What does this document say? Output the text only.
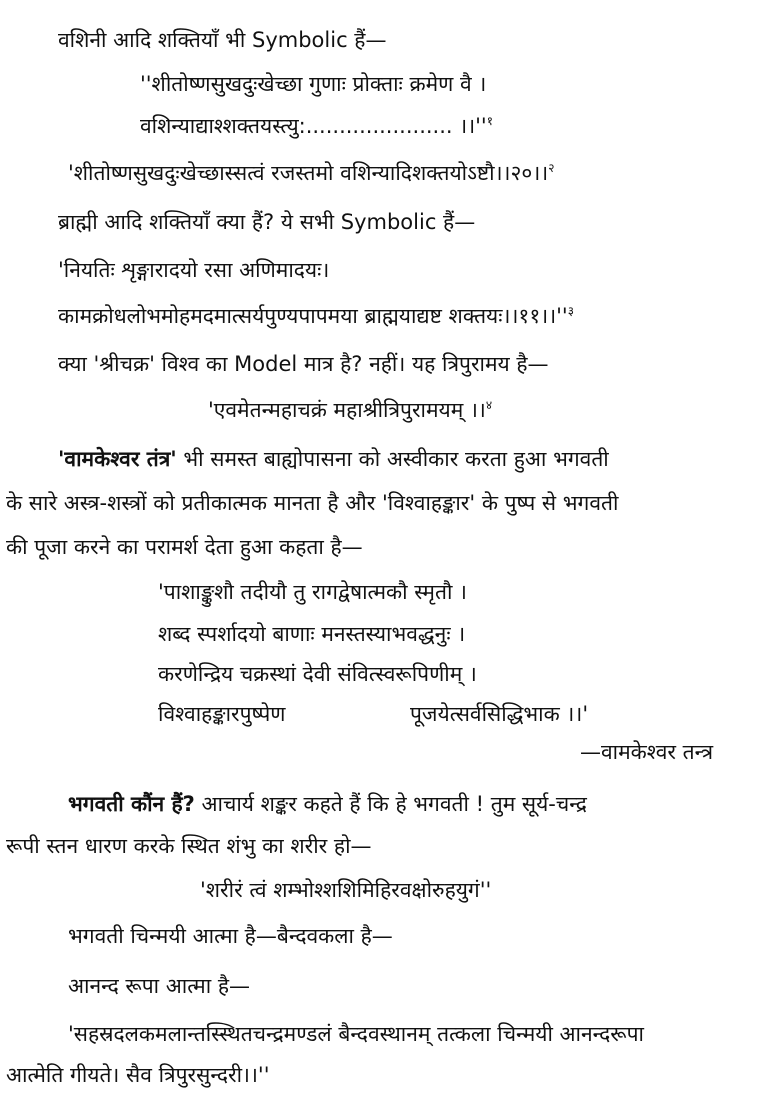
वशिनी आदि शक्तियाँ भी Symbolic हैं—
''शीतोष्णसुखदुःखेच्छा गुणाः प्रोक्ताः क्रमेण वै ।
वशिन्याद्याश्शक्तयस्त्यु:...................... $।।''^१$
'शीतोष्णसुखदुःखेच्छास्सत्वं रजस्तमो वशिन्यादिशक्तयोऽष्टौ।।२०।।$^२$
ब्राह्मी आदि शक्तियाँ क्या हैं? ये सभी Symbolic हैं—
'नियतिः शृङ्गारादयो रसा अणिमादयः।
कामक्रोधलोभमोहमदमात्सर्यपुण्यपापमया ब्राह्मयाद्यष्ट $शक्तयः।।११।।''^३$
क्या 'श्रीचक्र' विश्व का Model मात्र है? नहीं। यह त्रिपुरामय है—
'एवमेतन्महाचक्रं महाश्रीत्रिपुरामयम् ।।$^४$
'वामकेश्वर तंत्र' भी समस्त बाह्योपासना को अस्वीकार करता हुआ भगवती
के सारे अस्त्र-शस्त्रों को प्रतीकात्मक मानता है और 'विश्वाहङ्कार' के पुष्प से भगवती
की पूजा करने का परामर्श देता हुआ कहता है—
'पाशाङ्कुशौ तदीयौ तु रागद्वेषात्मकौ स्मृतौ ।
शब्द स्पर्शादयो बाणाः मनस्तस्याभवद्धनुः ।
करणेन्द्रिय चक्रस्थां देवी संवित्स्वरूपिणीम् ।
विश्वाहङ्कारपुष्पेण	पूजयेत्सर्वसिद्धिभाक ।।'
—वामकेश्वर तन्त्र
भगवती कौंन हैं? आचार्य शङ्कर कहते हैं कि हे भगवती ! तुम सूर्य-चन्द्र
रूपी स्तन धारण करके स्थित शंभु का शरीर हो—
'शरीरं त्वं शम्भोश्शशिमिहिरवक्षोरुहयुगं''
भगवती चिन्मयी आत्मा है—बैन्दवकला है—
आनन्द रूपा आत्मा है—
'सहस्रदलकमलान्तस्स्थितचन्द्रमण्डलं बैन्दवस्थानम् तत्कला चिन्मयी आनन्दरूपा
आत्मेति गीयते। सैव त्रिपुरसुन्दरी।।''
